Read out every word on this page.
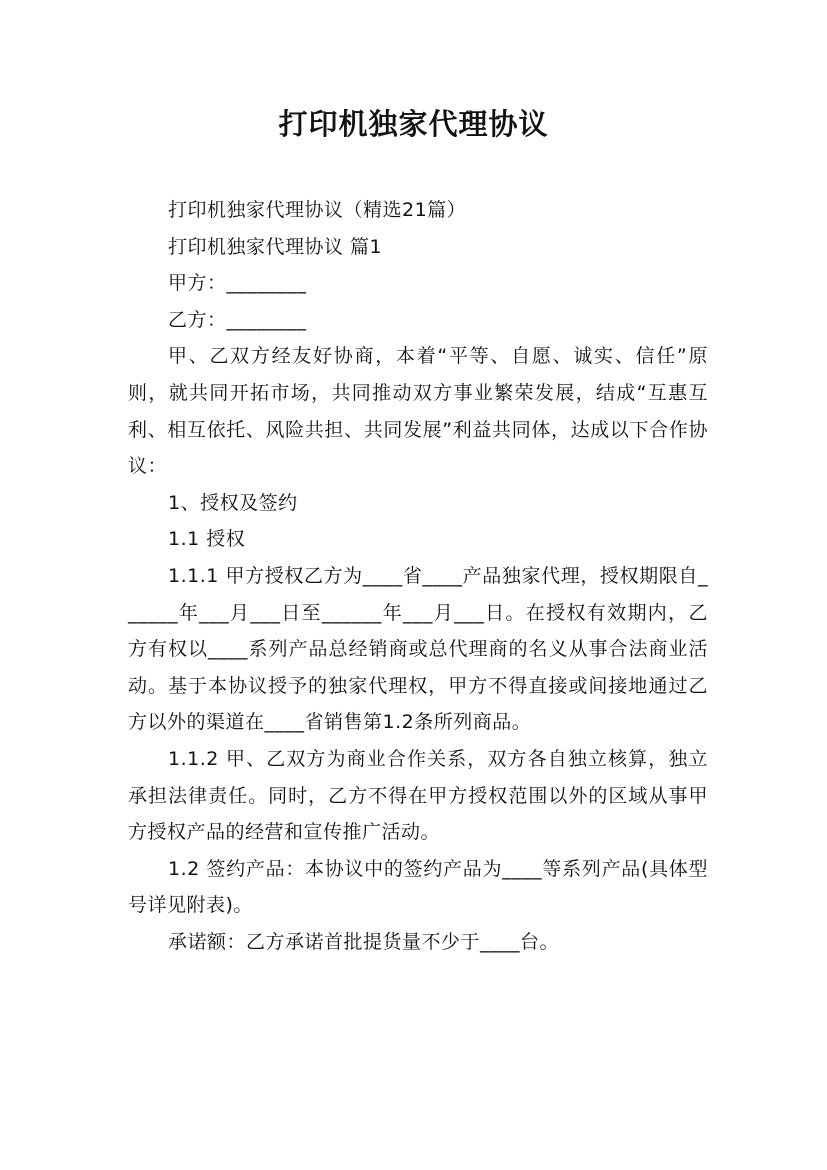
打印机独家代理协议

打印机独家代理协议（精选21篇）

打印机独家代理协议 篇1

甲方：________

乙方：________

甲、乙双方经友好协商，本着“平等、自愿、诚实、信任”原则，就共同开拓市场，共同推动双方事业繁荣发展，结成“互惠互利、相互依托、风险共担、共同发展”利益共同体，达成以下合作协议：

1、授权及签约

1.1 授权

1.1.1 甲方授权乙方为____省____产品独家代理，授权期限自______年___月___日至______年___月___日。在授权有效期内，乙方有权以____系列产品总经销商或总代理商的名义从事合法商业活动。基于本协议授予的独家代理权，甲方不得直接或间接地通过乙方以外的渠道在____省销售第1.2条所列商品。

1.1.2 甲、乙双方为商业合作关系，双方各自独立核算，独立承担法律责任。同时，乙方不得在甲方授权范围以外的区域从事甲方授权产品的经营和宣传推广活动。

1.2 签约产品：本协议中的签约产品为____等系列产品(具体型号详见附表)。

承诺额：乙方承诺首批提货量不少于____台。
